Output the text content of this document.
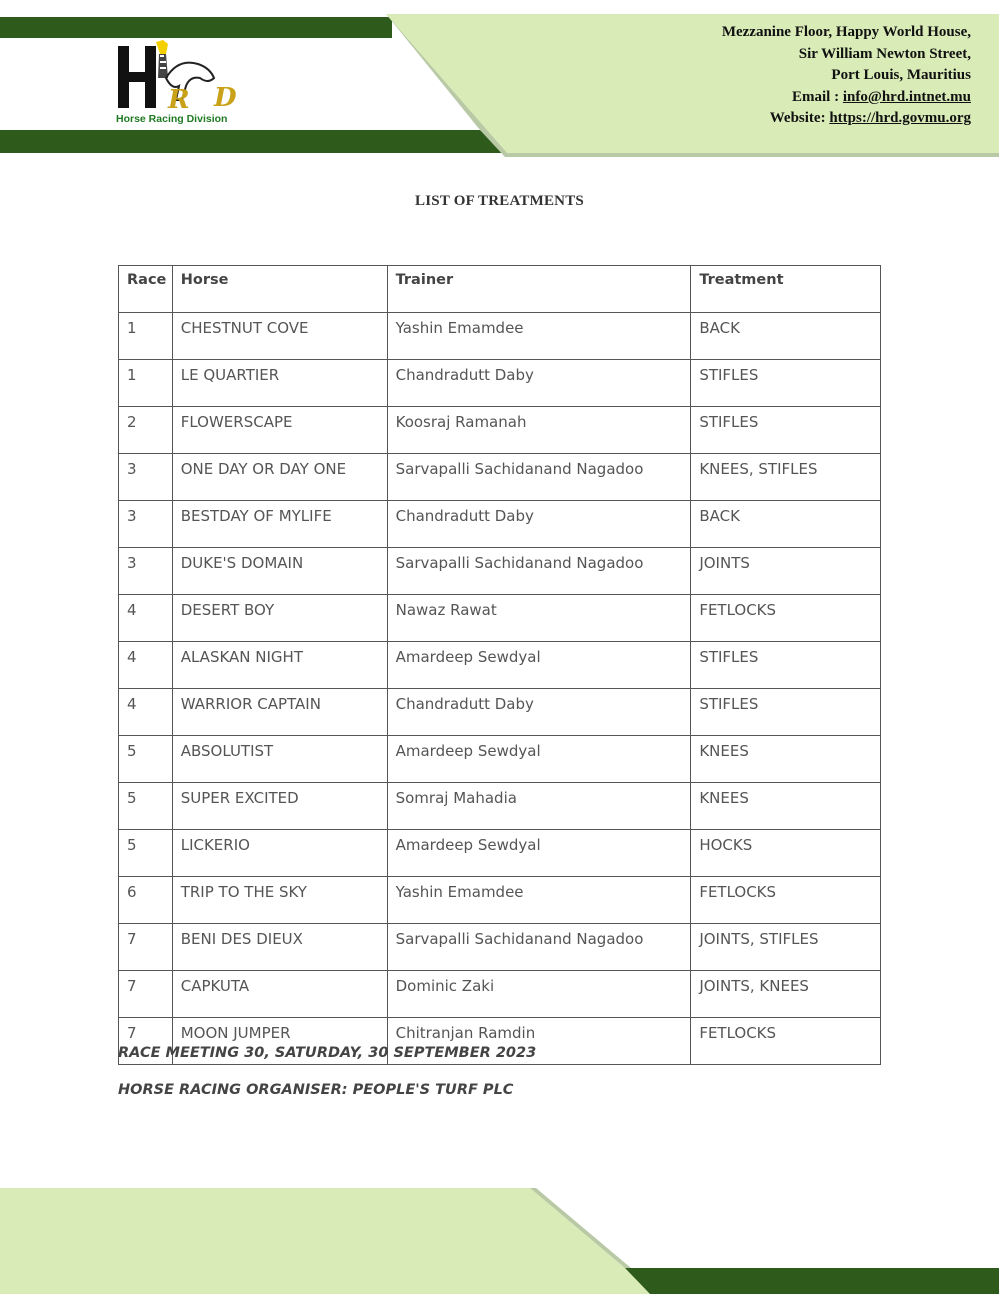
R D
Horse Racing Division
Mezzanine Floor, Happy World House,
Sir William Newton Street,
Port Louis, Mauritius
Email : info@hrd.intnet.mu
Website: https://hrd.govmu.org
LIST OF TREATMENTS
Race	Horse	Trainer	Treatment
1	CHESTNUT COVE	Yashin Emamdee	BACK
1	LE QUARTIER	Chandradutt Daby	STIFLES
2	FLOWERSCAPE	Koosraj Ramanah	STIFLES
3	ONE DAY OR DAY ONE	Sarvapalli Sachidanand Nagadoo	KNEES, STIFLES
3	BESTDAY OF MYLIFE	Chandradutt Daby	BACK
3	DUKE'S DOMAIN	Sarvapalli Sachidanand Nagadoo	JOINTS
4	DESERT BOY	Nawaz Rawat	FETLOCKS
4	ALASKAN NIGHT	Amardeep Sewdyal	STIFLES
4	WARRIOR CAPTAIN	Chandradutt Daby	STIFLES
5	ABSOLUTIST	Amardeep Sewdyal	KNEES
5	SUPER EXCITED	Somraj Mahadia	KNEES
5	LICKERIO	Amardeep Sewdyal	HOCKS
6	TRIP TO THE SKY	Yashin Emamdee	FETLOCKS
7	BENI DES DIEUX	Sarvapalli Sachidanand Nagadoo	JOINTS, STIFLES
7	CAPKUTA	Dominic Zaki	JOINTS, KNEES
7	MOON JUMPER	Chitranjan Ramdin	FETLOCKS
RACE MEETING 30, SATURDAY, 30 SEPTEMBER 2023
HORSE RACING ORGANISER: PEOPLE'S TURF PLC
